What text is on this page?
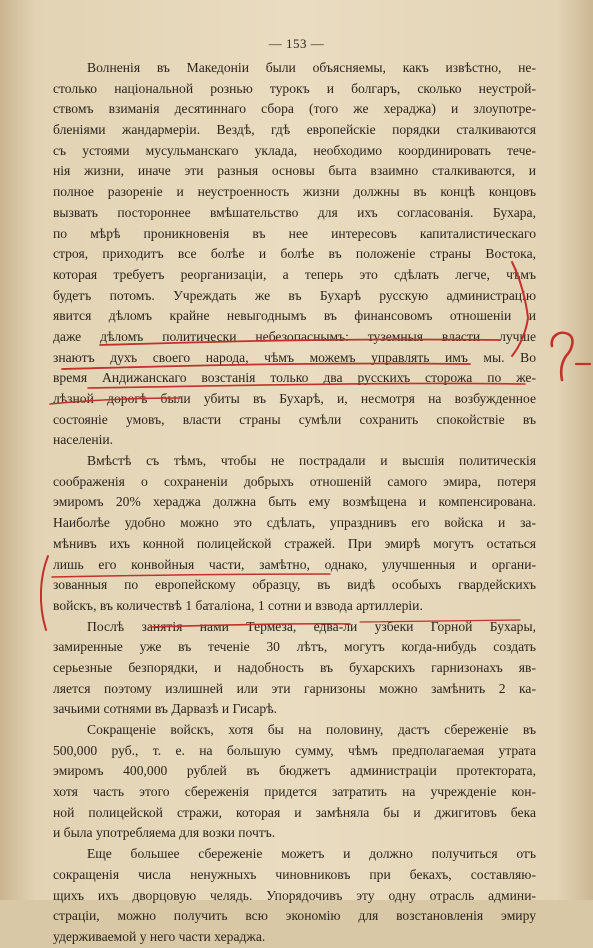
— 153 —
Волненія въ Македоніи были объясняемы, какъ извѣстно, не-
столько національной рознью турокъ и болгаръ, сколько неустрой-
ствомъ взиманія десятиннаго сбора (того же хераджа) и злоупотре-
бленіями жандармеріи. Вездѣ, гдѣ европейскіе порядки сталкиваются
съ устоями мусульманскаго уклада, необходимо координировать тече-
нія жизни, иначе эти разныя основы быта взаимно сталкиваются, и
полное разореніе и неустроенность жизни должны въ концѣ концовъ
вызвать постороннее вмѣшательство для ихъ согласованія. Бухара,
по мѣрѣ проникновенія въ нее интересовъ капиталистическаго
строя, приходитъ все болѣе и болѣе въ положеніе страны Востока,
которая требуетъ реорганизаціи, а теперь это сдѣлать легче, чѣмъ
будетъ потомъ. Учреждать же въ Бухарѣ русскую администрацію
явится дѣломъ крайне невыгоднымъ въ финансовомъ отношеніи и
даже дѣломъ политически небезопаснымъ: туземныя власти лучше
знаютъ духъ своего народа, чѣмъ можемъ управлять имъ мы. Во
время Андижанскаго возстанія только два русскихъ сторожа по же-
лѣзной дорогѣ были убиты въ Бухарѣ, и, несмотря на возбужденное
состояніе умовъ, власти страны сумѣли сохранить спокойствіе въ
населеніи.
Вмѣстѣ съ тѣмъ, чтобы не пострадали и высшія политическія
соображенія о сохраненіи добрыхъ отношеній самого эмира, потеря
эмиромъ 20% хераджа должна быть ему возмѣщена и компенсирована.
Наиболѣе удобно можно это сдѣлать, упразднивъ его войска и за-
мѣнивъ ихъ конной полицейской стражей. При эмирѣ могутъ остаться
лишь его конвойныя части, замѣтно, однако, улучшенныя и органи-
зованныя по европейскому образцу, въ видѣ особыхъ гвардейскихъ
войскъ, въ количествѣ 1 баталіона, 1 сотни и взвода артиллеріи.
Послѣ занятія нами Термеза, едва-ли узбеки Горной Бухары,
замиренные уже въ теченіе 30 лѣтъ, могутъ когда-нибудь создать
серьезные безпорядки, и надобность въ бухарскихъ гарнизонахъ яв-
ляется поэтому излишней или эти гарнизоны можно замѣнить 2 ка-
зачьими сотнями въ Дарвазѣ и Гисарѣ.
Сокращеніе войскъ, хотя бы на половину, дастъ сбереженіе въ
500,000 руб., т. е. на большую сумму, чѣмъ предполагаемая утрата
эмиромъ 400,000 рублей въ бюджетъ администраціи протектората,
хотя часть этого сбереженія придется затратить на учрежденіе кон-
ной полицейской стражи, которая и замѣняла бы и джигитовъ бека
и была употребляема для возки почтъ.
Еще большее сбереженіе можетъ и должно получиться отъ
сокращенія числа ненужныхъ чиновниковъ при бекахъ, составляю-
щихъ ихъ дворцовую челядь. Упорядочивъ эту одну отрасль админи-
страціи, можно получить всю экономію для возстановленія эмиру
удерживаемой у него части хераджа.
